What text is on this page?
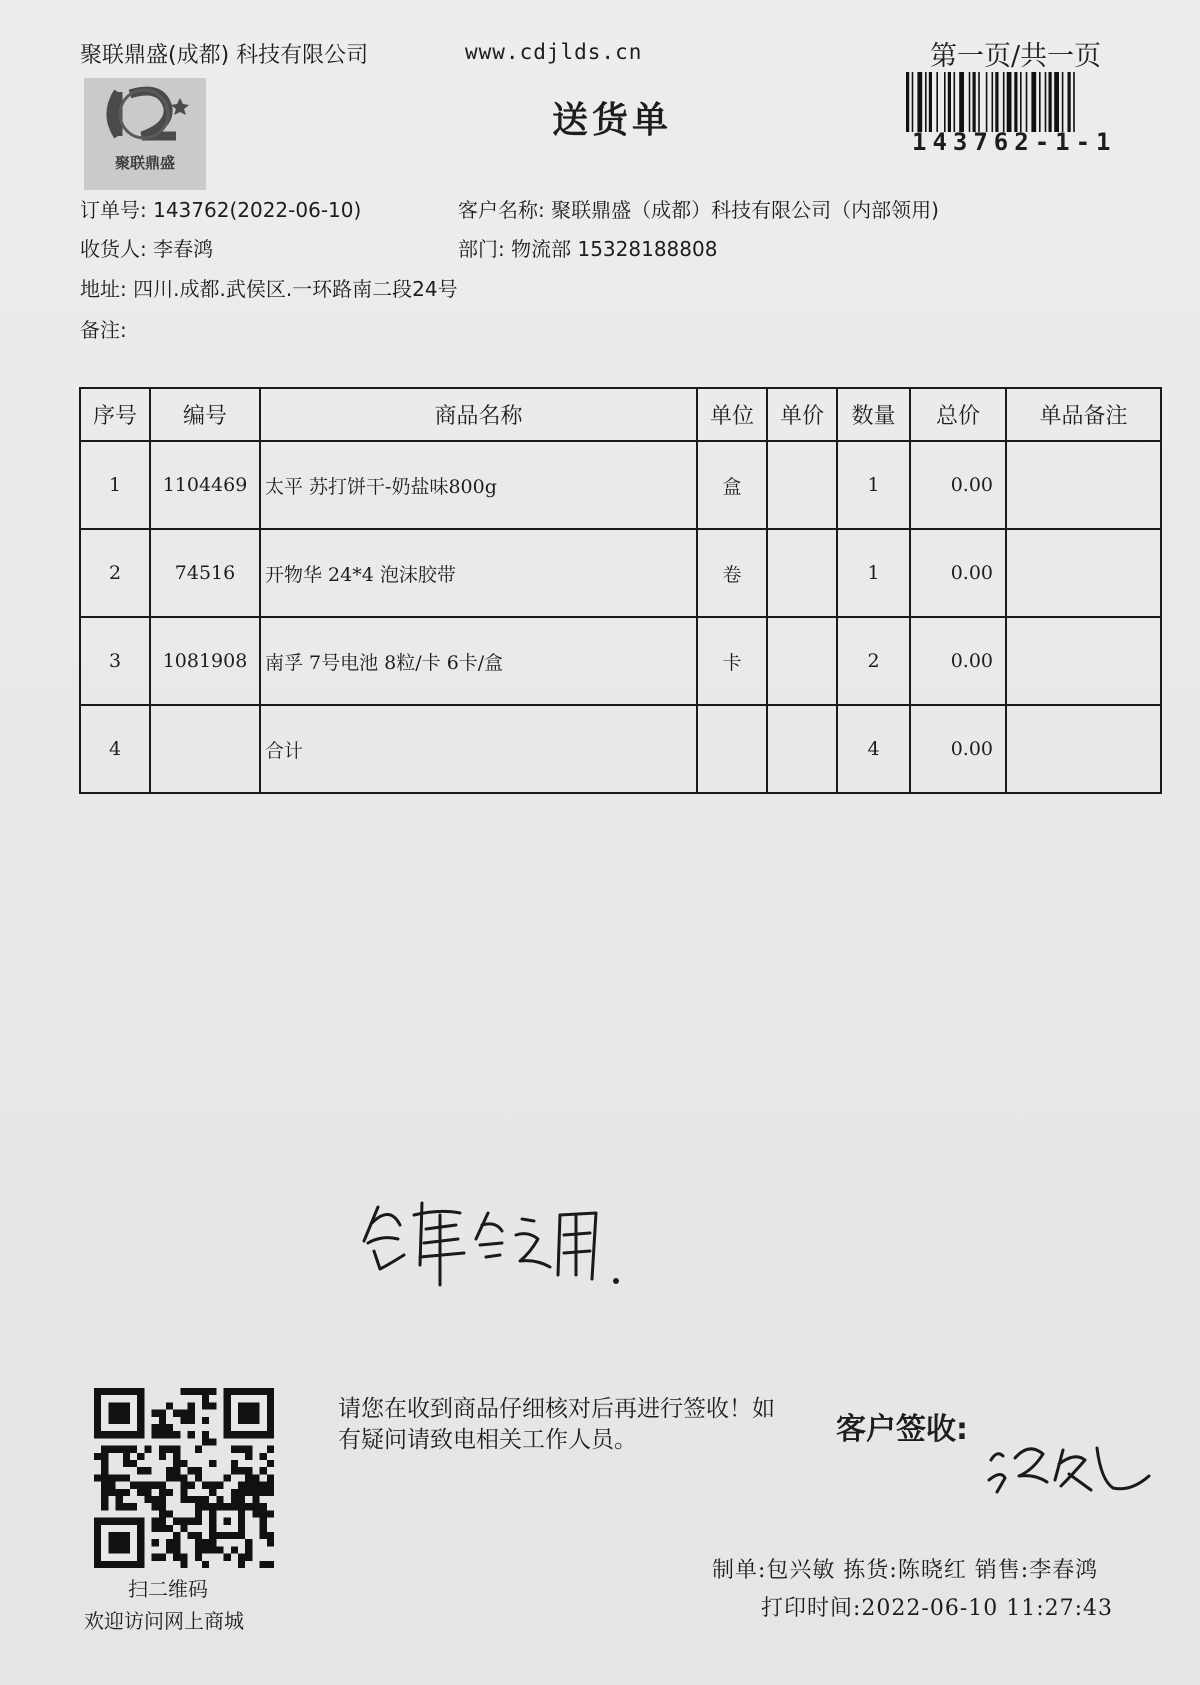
聚联鼎盛(成都) 科技有限公司	www.cdjlds.cn	第一页/共一页
聚联鼎盛
送货单
143762-1-1
订单号: 143762(2022-06-10)	客户名称: 聚联鼎盛（成都）科技有限公司（内部领用)
收货人: 李春鸿	部门: 物流部 15328188808
地址: 四川.成都.武侯区.一环路南二段24号
备注:
序号	编号	商品名称	单位	单价	数量	总价	单品备注
1	1104469	太平 苏打饼干-奶盐味800g	盒		1	0.00	
2	74516	开物华 24*4 泡沫胶带	卷		1	0.00	
3	1081908	南孚 7号电池 8粒/卡 6卡/盒	卡		2	0.00	
4		合计			4	0.00	
扫二维码
欢迎访问网上商城
请您在收到商品仔细核对后再进行签收！如有疑问请致电相关工作人员。	客户签收:
制单:包兴敏 拣货:陈晓红 销售:李春鸿
打印时间:2022-06-10 11:27:43
